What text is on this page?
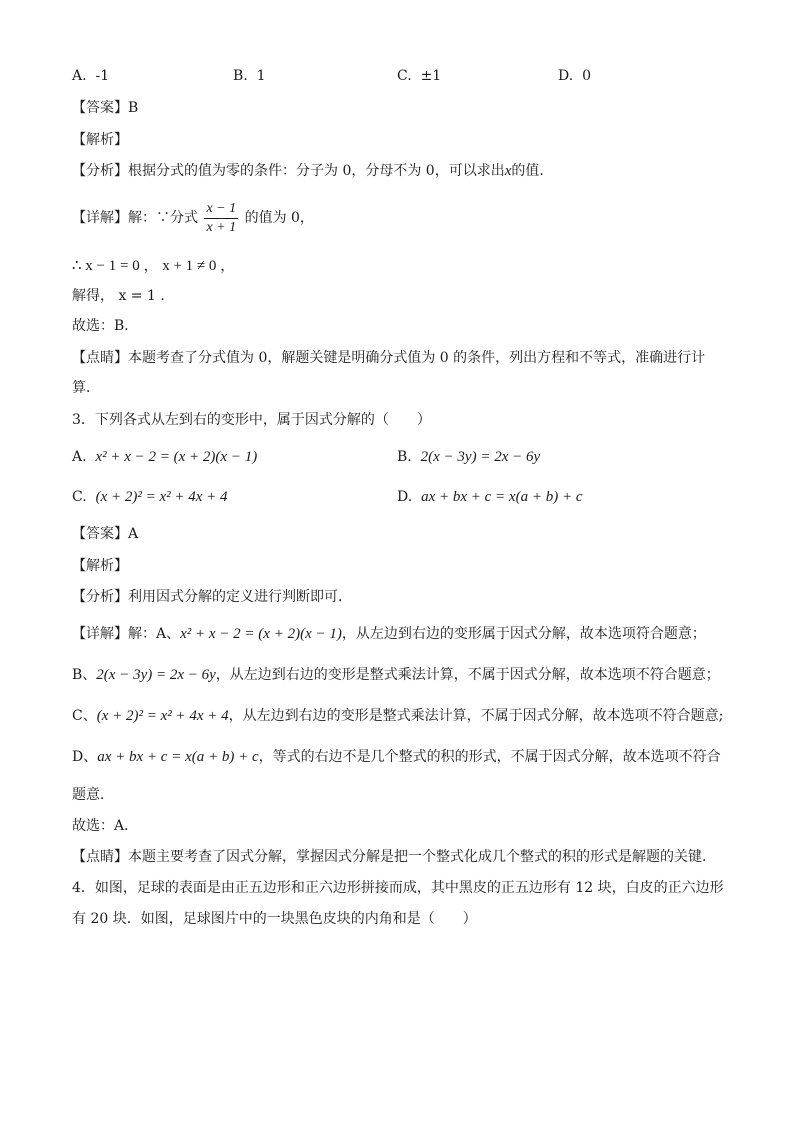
A. -1	B. 1	C. ±1	D. 0
【答案】B
【解析】
【分析】根据分式的值为零的条件：分子为 0，分母不为 0，可以求出x的值．
【详解】解：∵分式 $\frac{x - 1}{x + 1}$ 的值为 0，
∴ x − 1 = 0 ， x + 1 ≠ 0 ，
解得， x = 1 ．
故选：B．
【点睛】本题考查了分式值为 0，解题关键是明确分式值为 0 的条件，列出方程和不等式，准确进行计
算．
3．下列各式从左到右的变形中，属于因式分解的（　　）
A. x² + x − 2 = (x + 2)(x − 1)	B. 2(x − 3y) = 2x − 6y
C. (x + 2)² = x² + 4x + 4	D. ax + bx + c = x(a + b) + c
【答案】A
【解析】
【分析】利用因式分解的定义进行判断即可．
【详解】解：A、x² + x − 2 = (x + 2)(x − 1)，从左边到右边的变形属于因式分解，故本选项符合题意；
B、2(x − 3y) = 2x − 6y，从左边到右边的变形是整式乘法计算，不属于因式分解，故本选项不符合题意；
C、(x + 2)² = x² + 4x + 4，从左边到右边的变形是整式乘法计算，不属于因式分解，故本选项不符合题意;
D、ax + bx + c = x(a + b) + c，等式的右边不是几个整式的积的形式，不属于因式分解，故本选项不符合
题意．
故选：A．
【点睛】本题主要考查了因式分解，掌握因式分解是把一个整式化成几个整式的积的形式是解题的关键．
4．如图，足球的表面是由正五边形和正六边形拼接而成，其中黑皮的正五边形有 12 块，白皮的正六边形
有 20 块．如图，足球图片中的一块黑色皮块的内角和是（　　）
